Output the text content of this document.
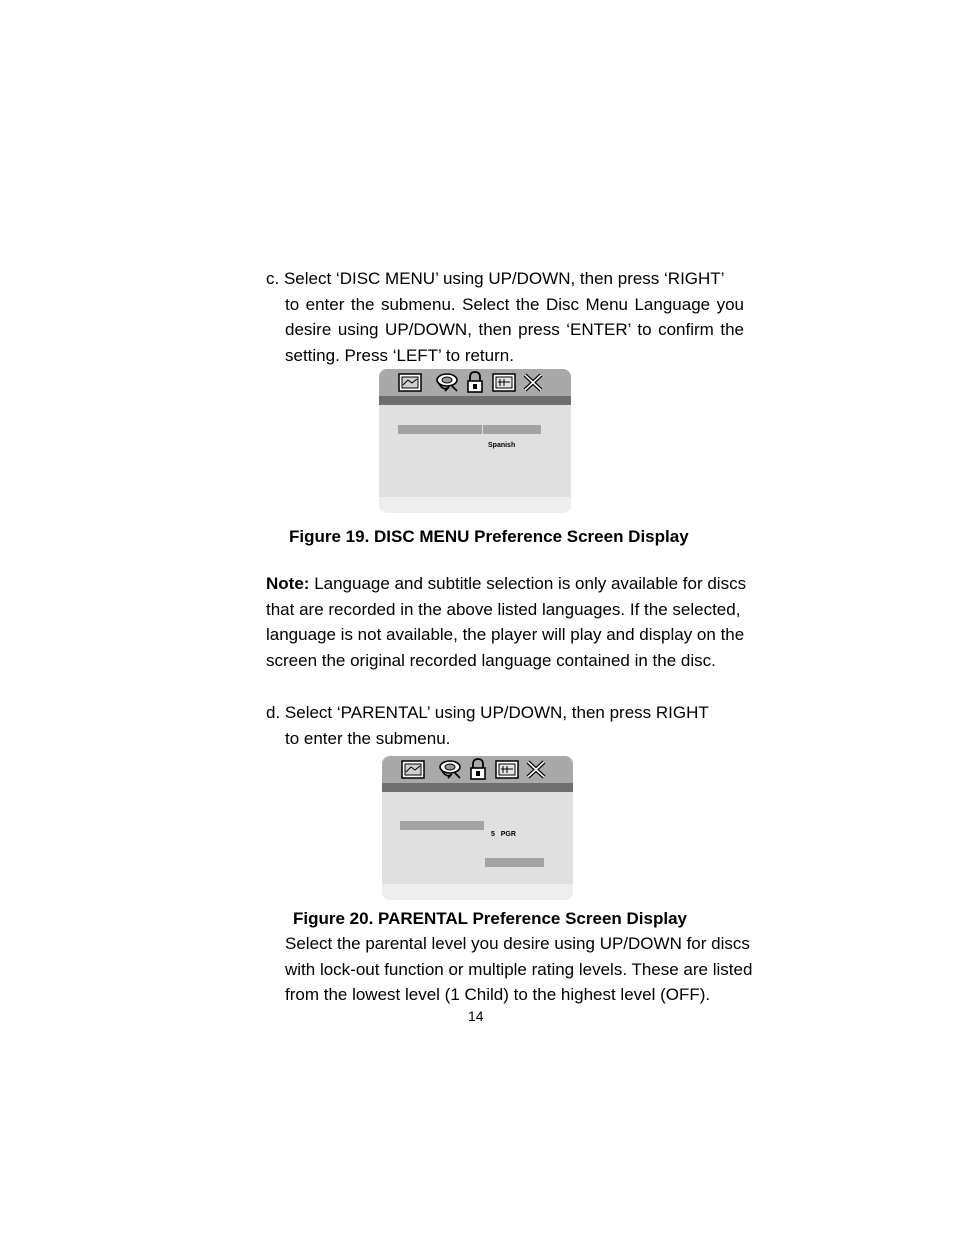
c. Select ‘DISC MENU’ using UP/DOWN, then press ‘RIGHT’
to enter the submenu. Select the Disc Menu Language you
desire using UP/DOWN, then press ‘ENTER’ to confirm the
setting. Press ‘LEFT’ to return.
Spanish
Figure 19. DISC MENU Preference Screen Display
Note: Language and subtitle selection is only available for discs
that are recorded in the above listed languages. If the selected,
language is not available, the player will play and display on the
screen the original recorded language contained in the disc.
d. Select ‘PARENTAL’ using UP/DOWN, then press RIGHT
to enter the submenu.
5   PGR
Figure 20. PARENTAL Preference Screen Display
Select the parental level you desire using UP/DOWN for discs
with lock-out function or multiple rating levels. These are listed
from the lowest level (1 Child) to the highest level (OFF).
14
